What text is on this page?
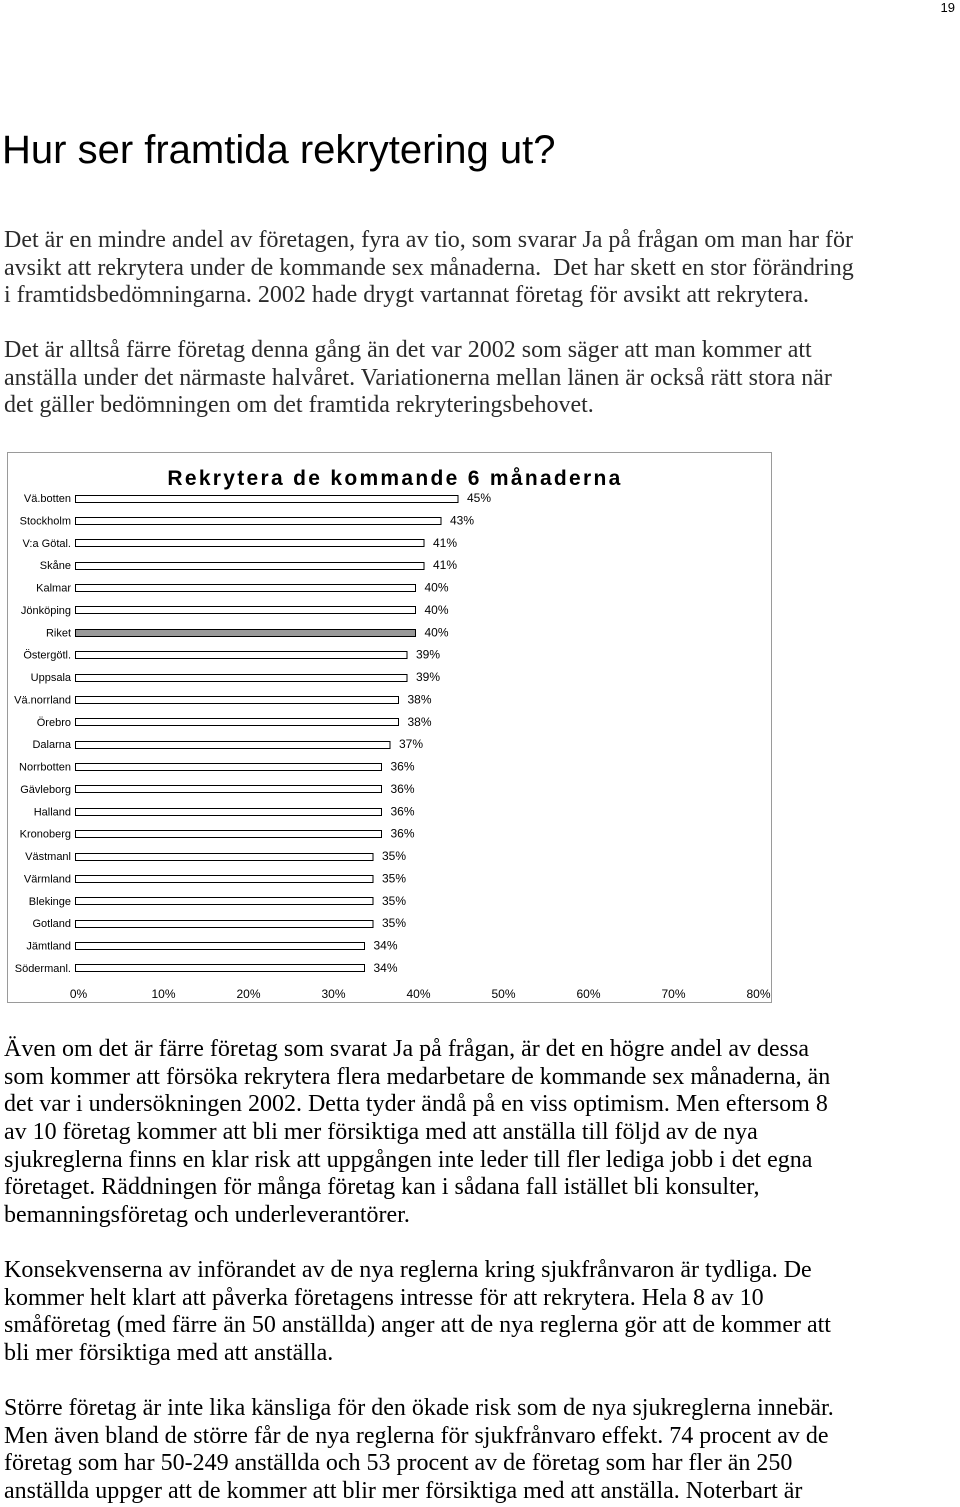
19
Hur ser framtida rekrytering ut?
Det är en mindre andel av företagen, fyra av tio, som svarar Ja på frågan om man har för
avsikt att rekrytera under de kommande sex månaderna.  Det har skett en stor förändring
i framtidsbedömningarna. 2002 hade drygt vartannat företag för avsikt att rekrytera.
Det är alltså färre företag denna gång än det var 2002 som säger att man kommer att
anställa under det närmaste halvåret. Variationerna mellan länen är också rätt stora när
det gäller bedömningen om det framtida rekryteringsbehovet.
Rekrytera de kommande 6 månaderna
Vä.botten	45%
Stockholm	43%
V:a Götal.	41%
Skåne	41%
Kalmar	40%
Jönköping	40%
Riket	40%
Östergötl.	39%
Uppsala	39%
Vä.norrland	38%
Örebro	38%
Dalarna	37%
Norrbotten	36%
Gävleborg	36%
Halland	36%
Kronoberg	36%
Västmanl	35%
Värmland	35%
Blekinge	35%
Gotland	35%
Jämtland	34%
Södermanl.	34%
0%	10%	20%	30%	40%	50%	60%	70%	80%
Även om det är färre företag som svarat Ja på frågan, är det en högre andel av dessa
som kommer att försöka rekrytera flera medarbetare de kommande sex månaderna, än
det var i undersökningen 2002. Detta tyder ändå på en viss optimism. Men eftersom 8
av 10 företag kommer att bli mer försiktiga med att anställa till följd av de nya
sjukreglerna finns en klar risk att uppgången inte leder till fler lediga jobb i det egna
företaget. Räddningen för många företag kan i sådana fall istället bli konsulter,
bemanningsföretag och underleverantörer.
Konsekvenserna av införandet av de nya reglerna kring sjukfrånvaron är tydliga. De
kommer helt klart att påverka företagens intresse för att rekrytera. Hela 8 av 10
småföretag (med färre än 50 anställda) anger att de nya reglerna gör att de kommer att
bli mer försiktiga med att anställa.
Större företag är inte lika känsliga för den ökade risk som de nya sjukreglerna innebär.
Men även bland de större får de nya reglerna för sjukfrånvaro effekt. 74 procent av de
företag som har 50-249 anställda och 53 procent av de företag som har fler än 250
anställda uppger att de kommer att blir mer försiktiga med att anställa. Noterbart är
